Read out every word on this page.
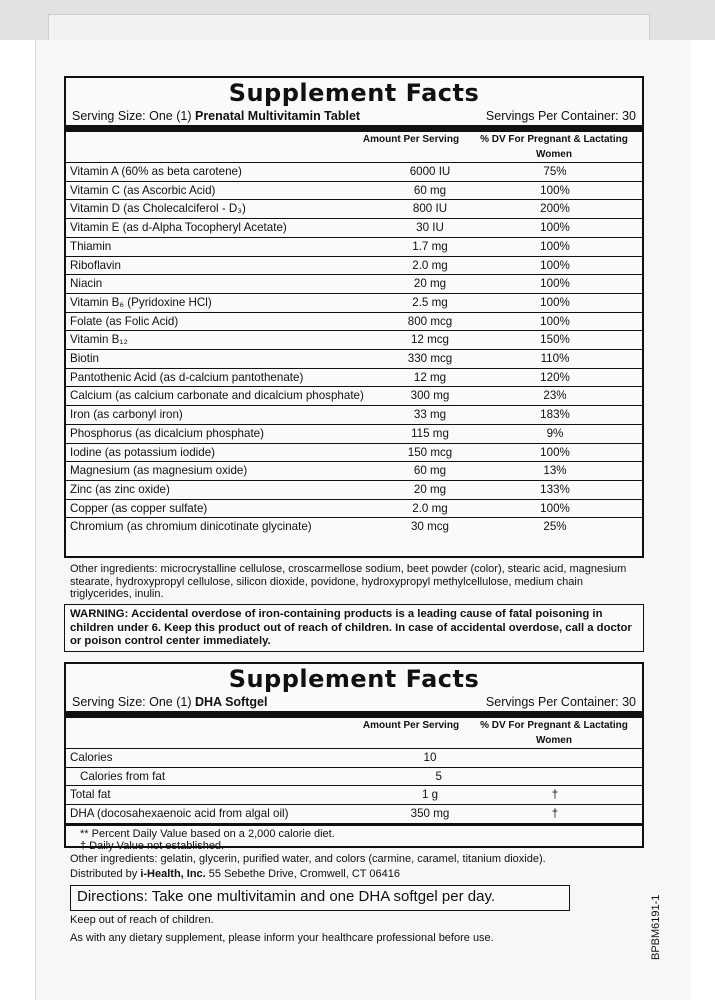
Supplement Facts
Serving Size: One (1) Prenatal Multivitamin Tablet	Servings Per Container: 30
Amount Per Serving	% DV For Pregnant & Lactating Women
Vitamin A (60% as beta carotene)	6000 IU	75%
Vitamin C (as Ascorbic Acid)	60 mg	100%
Vitamin D (as Cholecalciferol - D₃)	800 IU	200%
Vitamin E (as d-Alpha Tocopheryl Acetate)	30 IU	100%
Thiamin	1.7 mg	100%
Riboflavin	2.0 mg	100%
Niacin	20 mg	100%
Vitamin B₆ (Pyridoxine HCl)	2.5 mg	100%
Folate (as Folic Acid)	800 mcg	100%
Vitamin B₁₂	12 mcg	150%
Biotin	330 mcg	110%
Pantothenic Acid (as d-calcium pantothenate)	12 mg	120%
Calcium (as calcium carbonate and dicalcium phosphate)	300 mg	23%
Iron (as carbonyl iron)	33 mg	183%
Phosphorus (as dicalcium phosphate)	115 mg	9%
Iodine (as potassium iodide)	150 mcg	100%
Magnesium (as magnesium oxide)	60 mg	13%
Zinc (as zinc oxide)	20 mg	133%
Copper (as copper sulfate)	2.0 mg	100%
Chromium (as chromium dinicotinate glycinate)	30 mcg	25%
Other ingredients: microcrystalline cellulose, croscarmellose sodium, beet powder (color), stearic acid, magnesium stearate, hydroxypropyl cellulose, silicon dioxide, povidone, hydroxypropyl methylcellulose, medium chain triglycerides, inulin.
WARNING: Accidental overdose of iron-containing products is a leading cause of fatal poisoning in children under 6. Keep this product out of reach of children. In case of accidental overdose, call a doctor or poison control center immediately.
Supplement Facts
Serving Size: One (1) DHA Softgel	Servings Per Container: 30
Amount Per Serving	% DV For Pregnant & Lactating Women
Calories	10
Calories from fat	5
Total fat	1 g	†
DHA (docosahexaenoic acid from algal oil)	350 mg	†
** Percent Daily Value based on a 2,000 calorie diet.
† Daily Value not established.
Other ingredients: gelatin, glycerin, purified water, and colors (carmine, caramel, titanium dioxide).
Distributed by i-Health, Inc. 55 Sebethe Drive, Cromwell, CT 06416
Directions: Take one multivitamin and one DHA softgel per day.
Keep out of reach of children.
As with any dietary supplement, please inform your healthcare professional before use.	BPBM6191-1
